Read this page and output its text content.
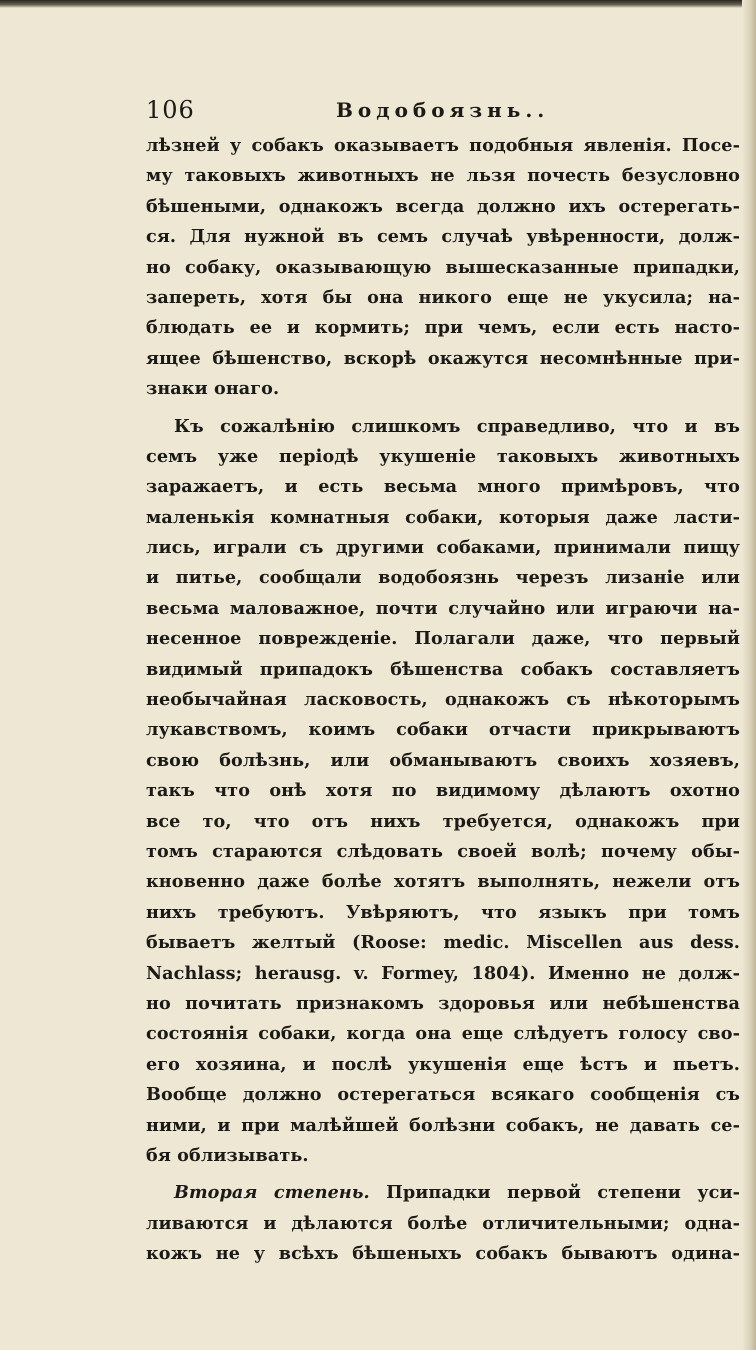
106	Водобоязнь..
лѣзней у собакъ оказываетъ подобныя явленія. Посе-
му таковыхъ животныхъ не льзя почесть безусловно
бѣшеными, однакожъ всегда должно ихъ остерегать-
ся. Для нужной въ семъ случаѣ увѣренности, долж-
но собаку, оказывающую вышесказанные припадки,
запереть, хотя бы она никого еще не укусила; на-
блюдать ее и кормить; при чемъ, если есть насто-
ящее бѣшенство, вскорѣ окажутся несомнѣнные при-
знаки онаго.
Къ сожалѣнію слишкомъ справедливо, что и въ
семъ уже періодѣ укушеніе таковыхъ животныхъ
заражаетъ, и есть весьма много примѣровъ, что
маленькія комнатныя собаки, которыя даже ласти-
лись, играли съ другими собаками, принимали пищу
и питье, сообщали водобоязнь черезъ лизаніе или
весьма маловажное, почти случайно или играючи на-
несенное поврежденіе. Полагали даже, что первый
видимый припадокъ бѣшенства собакъ составляетъ
необычайная ласковость, однакожъ съ нѣкоторымъ
лукавствомъ, коимъ собаки отчасти прикрываютъ
свою болѣзнь, или обманываютъ своихъ хозяевъ,
такъ что онѣ хотя по видимому дѣлаютъ охотно
все то, что отъ нихъ требуется, однакожъ при
томъ стараются слѣдовать своей волѣ; почему обы-
кновенно даже болѣе хотятъ выполнять, нежели отъ
нихъ требуютъ. Увѣряютъ, что языкъ при томъ
бываетъ желтый (Roose: medic. Miscellen aus dess.
Nachlass; herausg. v. Formey, 1804). Именно не долж-
но почитать признакомъ здоровья или небѣшенства
состоянія собаки, когда она еще слѣдуетъ голосу сво-
его хозяина, и послѣ укушенія еще ѣстъ и пьетъ.
Вообще должно остерегаться всякаго сообщенія съ
ними, и при малѣйшей болѣзни собакъ, не давать се-
бя облизывать.
Вторая степень. Припадки первой степени уси-
ливаются и дѣлаются болѣе отличительными; одна-
кожъ не у всѣхъ бѣшеныхъ собакъ бываютъ одина-
